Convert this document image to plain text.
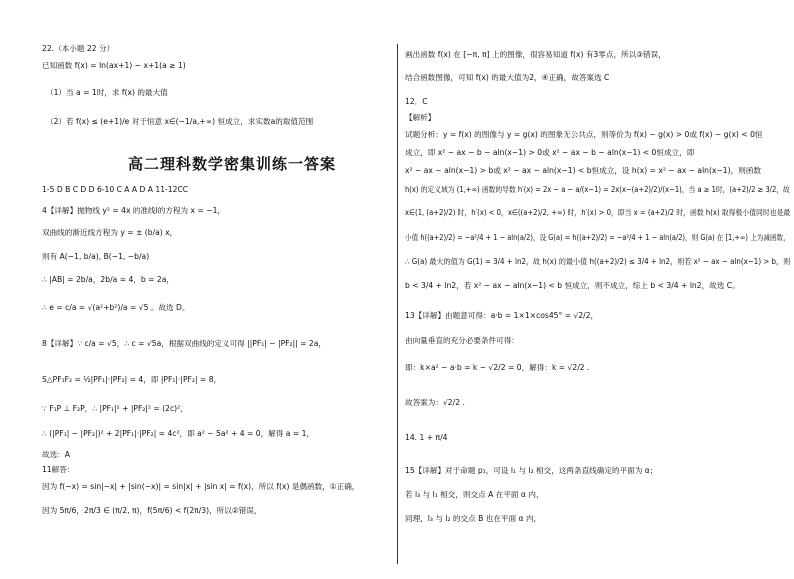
22.（本小题 22 分）
已知函数 f(x) = ln(ax+1) − x+1(a ≥ 1)
（1）当 a = 1时，求 f(x) 的最大值
（2）若 f(x) ≤ (e+1)/e 对于恒意 x∈(−1/a,+∞) 恒成立，求实数a的取值范围
高二理科数学密集训练一答案
1-5 D B C D D 6-10 C A A D A 11-12CC
4【详解】抛物线 y² = 4x 的准线l的方程为 x = −1，
双曲线的渐近线方程为 y = ± (b/a) x，
则有 A(−1, b/a), B(−1, −b/a)
∴ |AB| = 2b/a，2b/a = 4，b = 2a，
∴ e = c/a = √(a²+b²)/a = √5 。故选 D。
8【详解】∵ c/a = √5，∴ c = √5a，根据双曲线的定义可得 ||PF₁| − |PF₂|| = 2a，
S△PF₁F₂ = ½|PF₁|·|PF₂| = 4，即 |PF₁|·|PF₂| = 8，
∵ F₁P ⊥ F₂P，∴ |PF₁|² + |PF₂|² = (2c)²，
∴ (|PF₁| − |PF₂|)² + 2|PF₁|·|PF₂| = 4c²，即 a² − 5a² + 4 = 0，解得 a = 1，
故选：A
11解答：
因为 f(−x) = sin|−x| + |sin(−x)| = sin|x| + |sin x| = f(x)，所以 f(x) 是偶函数，①正确，
因为 5π/6，2π/3 ∈ (π/2, π)，f(5π/6) < f(2π/3)，所以②错误，
画出函数 f(x) 在 [−π, π] 上的图像，很容易知道 f(x) 有3零点，所以③错误，
结合函数图像，可知 f(x) 的最大值为2，④正确，故答案选 C
12．C
【解析】
试题分析：y = f(x) 的图像与 y = g(x) 的图象无公共点，则等价为 f(x) − g(x) > 0或 f(x) − g(x) < 0恒
成立，即 x² − ax − b − aln(x−1) > 0或 x² − ax − b − aln(x−1) < 0恒成立，即
x² − ax − aln(x−1) > b或 x² − ax − aln(x−1) < b恒成立，设 h(x) = x² − ax − aln(x−1)，则函数
h(x) 的定义域为 (1,+∞) 函数的导数 h′(x) = 2x − a − a/(x−1) = 2x(x−(a+2)/2)/(x−1)，当 a ≥ 1时，(a+2)/2 ≥ 3/2，故
x∈(1, (a+2)/2) 时，h′(x) < 0，x∈((a+2)/2, +∞) 时，h′(x) > 0，即当 x = (a+2)/2 时，函数 h(x) 取得极小值同时也是最
小值 h((a+2)/2) = −a²/4 + 1 − aln(a/2)，设 G(a) = h((a+2)/2) = −a²/4 + 1 − aln(a/2)，则 G(a) 在 [1,+∞) 上为减函数，
∴ G(a) 最大的值为 G(1) = 3/4 + ln2，故 h(x) 的最小值 h((a+2)/2) ≤ 3/4 + ln2，则若 x² − ax − aln(x−1) > b，则
b < 3/4 + ln2，若 x² − ax − aln(x−1) < b 恒成立，则不成立，综上 b < 3/4 + ln2，故选 C。
13【详解】由题意可得：a·b = 1×1×cos45° = √2/2，
由向量垂直的充分必要条件可得：
即：k×a² − a·b = k − √2/2 = 0，解得：k = √2/2 .
故答案为：√2/2 .
14. 1 + π/4
15【详解】对于命题 p₁，可设 l₁ 与 l₂ 相交，这两条直线确定的平面为 α；
若 l₃ 与 l₁ 相交，则交点 A 在平面 α 内，
同理，l₃ 与 l₂ 的交点 B 也在平面 α 内，
